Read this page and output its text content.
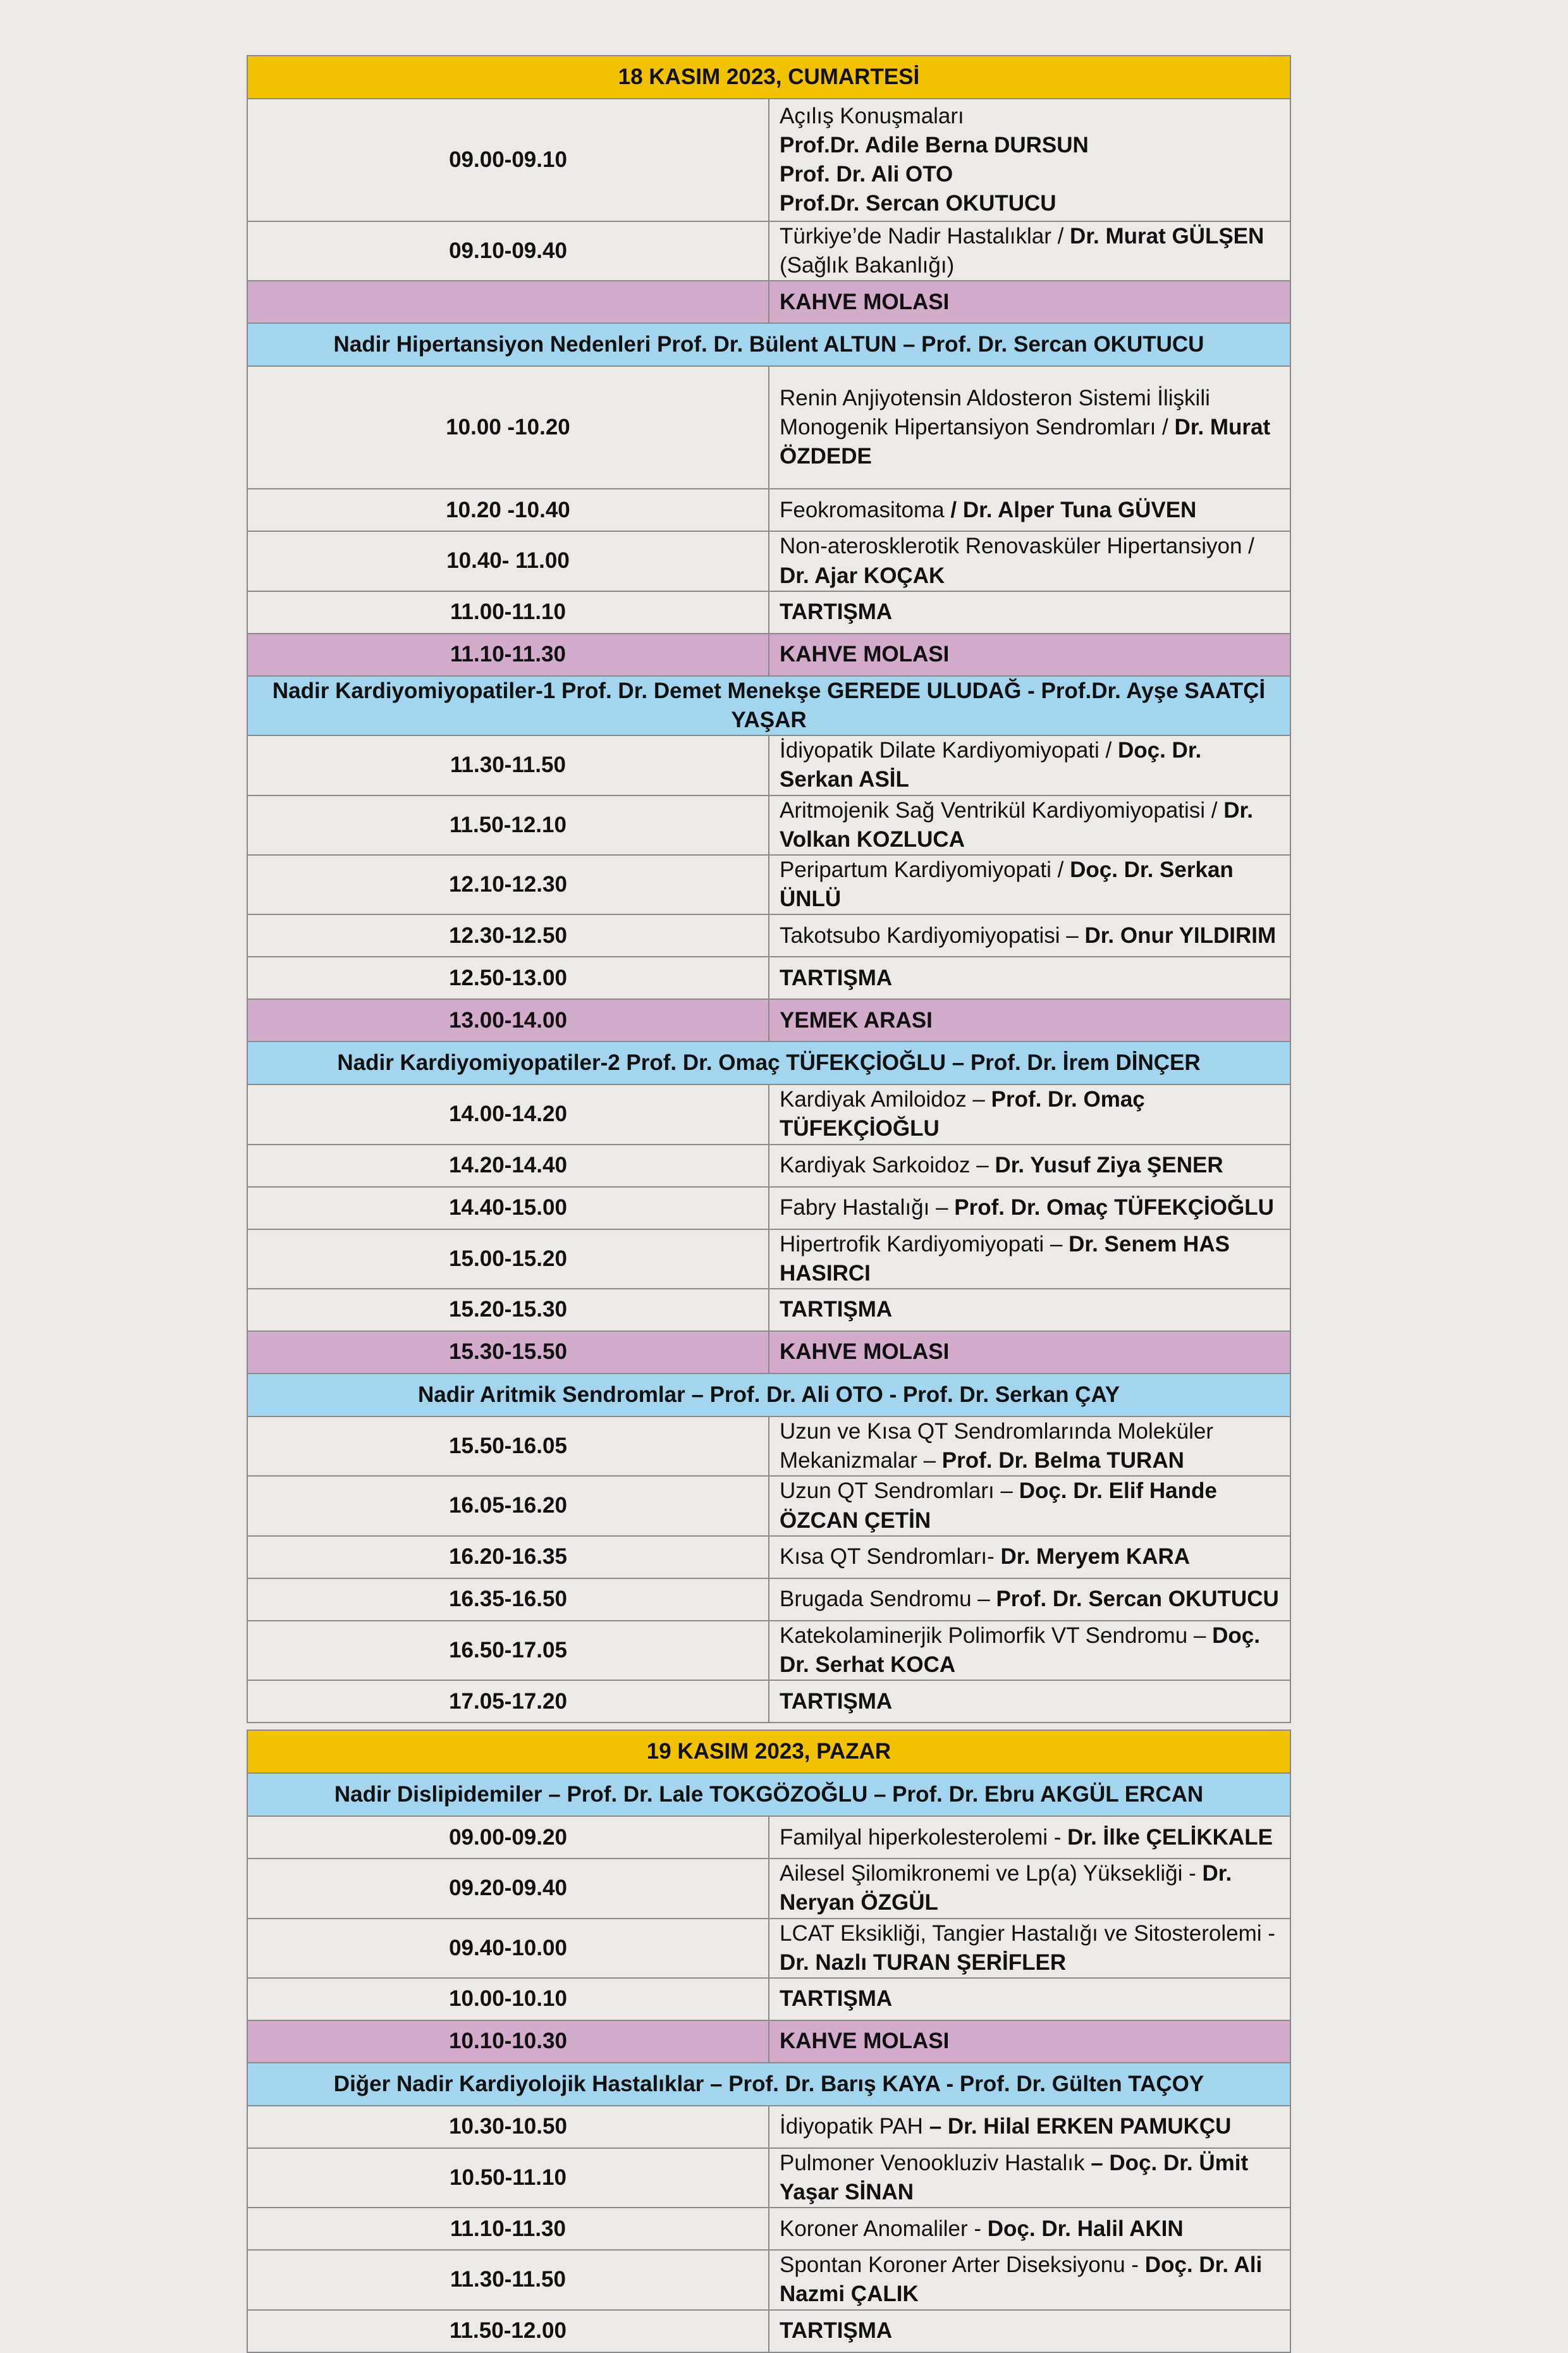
18 KASIM 2023, CUMARTESİ	
09.00-09.10	Açılış Konuşmaları
Prof.Dr. Adile Berna DURSUN
Prof. Dr. Ali OTO
Prof.Dr. Sercan OKUTUCU

09.10-09.40	Türkiye’de Nadir Hastalıklar / Dr. Murat GÜLŞEN (Sağlık Bakanlığı)
	KAHVE MOLASI
Nadir Hipertansiyon Nedenleri Prof. Dr. Bülent ALTUN – Prof. Dr. Sercan OKUTUCU	
10.00 -10.20	Renin Anjiyotensin Aldosteron Sistemi İlişkili Monogenik Hipertansiyon Sendromları / Dr. Murat ÖZDEDE
10.20 -10.40	Feokromasitoma / Dr. Alper Tuna GÜVEN
10.40- 11.00	Non-aterosklerotik Renovasküler Hipertansiyon / Dr. Ajar KOÇAK
11.00-11.10	TARTIŞMA
11.10-11.30	KAHVE MOLASI
Nadir Kardiyomiyopatiler-1 Prof. Dr. Demet Menekşe GEREDE ULUDAĞ - Prof.Dr. Ayşe SAATÇİ YAŞAR	
11.30-11.50	İdiyopatik Dilate Kardiyomiyopati / Doç. Dr. Serkan ASİL
11.50-12.10	Aritmojenik Sağ Ventrikül Kardiyomiyopatisi / Dr. Volkan KOZLUCA
12.10-12.30	Peripartum Kardiyomiyopati / Doç. Dr. Serkan ÜNLÜ
12.30-12.50	Takotsubo Kardiyomiyopatisi – Dr. Onur YILDIRIM
12.50-13.00	TARTIŞMA
13.00-14.00	YEMEK ARASI
Nadir Kardiyomiyopatiler-2 Prof. Dr. Omaç TÜFEKÇİOĞLU – Prof. Dr. İrem DİNÇER	
14.00-14.20	Kardiyak Amiloidoz – Prof. Dr. Omaç TÜFEKÇİOĞLU
14.20-14.40	Kardiyak Sarkoidoz – Dr. Yusuf Ziya ŞENER
14.40-15.00	Fabry Hastalığı – Prof. Dr. Omaç TÜFEKÇİOĞLU
15.00-15.20	Hipertrofik Kardiyomiyopati – Dr. Senem HAS HASIRCI
15.20-15.30	TARTIŞMA
15.30-15.50	KAHVE MOLASI
Nadir Aritmik Sendromlar – Prof. Dr. Ali OTO - Prof. Dr. Serkan ÇAY	
15.50-16.05	Uzun ve Kısa QT Sendromlarında Moleküler Mekanizmalar – Prof. Dr. Belma TURAN
16.05-16.20	Uzun QT Sendromları – Doç. Dr. Elif Hande ÖZCAN ÇETİN
16.20-16.35	Kısa QT Sendromları- Dr. Meryem KARA
16.35-16.50	Brugada Sendromu – Prof. Dr. Sercan OKUTUCU
16.50-17.05	Katekolaminerjik Polimorfik VT Sendromu – Doç. Dr. Serhat KOCA
17.05-17.20	TARTIŞMA

19 KASIM 2023, PAZAR	
Nadir Dislipidemiler – Prof. Dr. Lale TOKGÖZOĞLU – Prof. Dr. Ebru AKGÜL ERCAN	
09.00-09.20	Familyal hiperkolesterolemi - Dr. İlke ÇELİKKALE
09.20-09.40	Ailesel Şilomikronemi ve Lp(a) Yüksekliği - Dr. Neryan ÖZGÜL
09.40-10.00	LCAT Eksikliği, Tangier Hastalığı ve Sitosterolemi - Dr. Nazlı TURAN ŞERİFLER
10.00-10.10	TARTIŞMA
10.10-10.30	KAHVE MOLASI
Diğer Nadir Kardiyolojik Hastalıklar – Prof. Dr. Barış KAYA - Prof. Dr. Gülten TAÇOY	
10.30-10.50	İdiyopatik PAH – Dr. Hilal ERKEN PAMUKÇU
10.50-11.10	Pulmoner Venookluziv Hastalık – Doç. Dr. Ümit Yaşar SİNAN
11.10-11.30	Koroner Anomaliler - Doç. Dr. Halil AKIN
11.30-11.50	Spontan Koroner Arter Diseksiyonu - Doç. Dr. Ali Nazmi ÇALIK
11.50-12.00	TARTIŞMA
